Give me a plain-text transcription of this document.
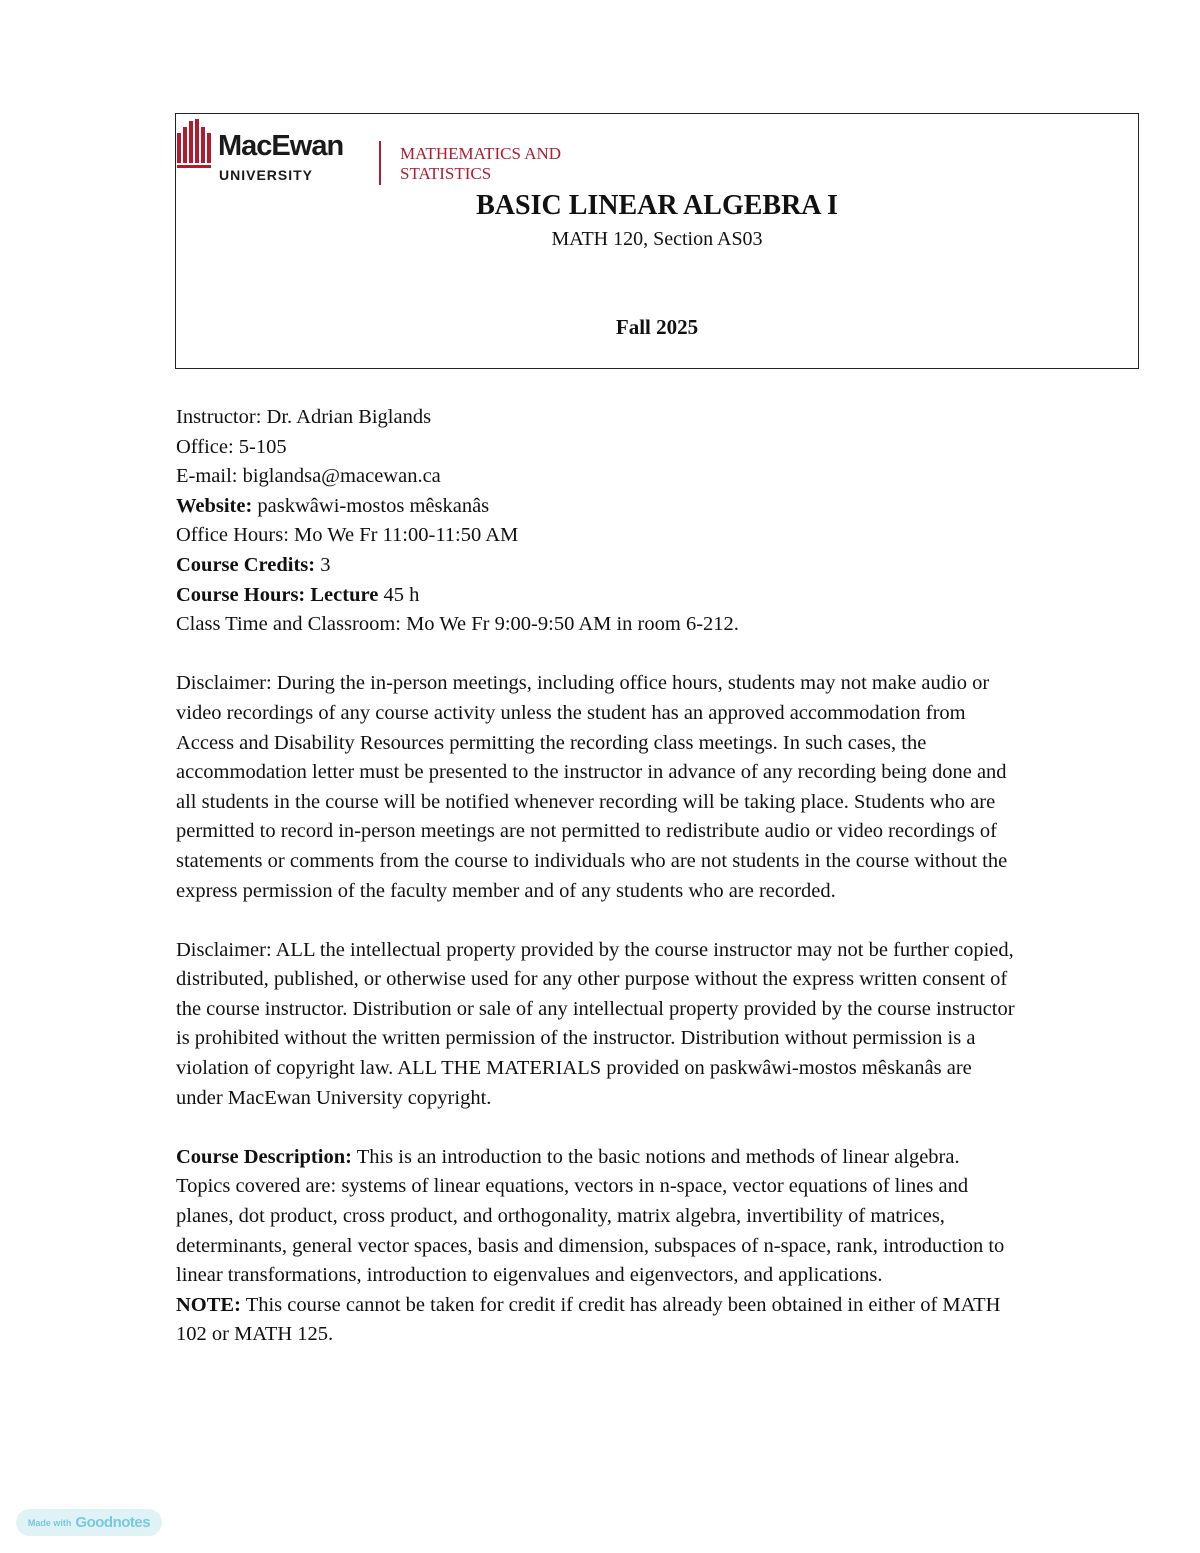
MacEwan
UNIVERSITY
MATHEMATICS AND
STATISTICS
BASIC LINEAR ALGEBRA I
MATH 120, Section AS03
Fall 2025
Instructor: Dr. Adrian Biglands
Office: 5-105
E-mail: biglandsa@macewan.ca
Website: paskwâwi-mostos mêskanâs
Office Hours: Mo We Fr 11:00-11:50 AM
Course Credits: 3
Course Hours: Lecture 45 h
Class Time and Classroom: Mo We Fr 9:00-9:50 AM in room 6-212.
Disclaimer: During the in-person meetings, including office hours, students may not make audio or
video recordings of any course activity unless the student has an approved accommodation from
Access and Disability Resources permitting the recording class meetings. In such cases, the
accommodation letter must be presented to the instructor in advance of any recording being done and
all students in the course will be notified whenever recording will be taking place. Students who are
permitted to record in-person meetings are not permitted to redistribute audio or video recordings of
statements or comments from the course to individuals who are not students in the course without the
express permission of the faculty member and of any students who are recorded.
Disclaimer: ALL the intellectual property provided by the course instructor may not be further copied,
distributed, published, or otherwise used for any other purpose without the express written consent of
the course instructor. Distribution or sale of any intellectual property provided by the course instructor
is prohibited without the written permission of the instructor. Distribution without permission is a
violation of copyright law. ALL THE MATERIALS provided on paskwâwi-mostos mêskanâs are
under MacEwan University copyright.
Course Description: This is an introduction to the basic notions and methods of linear algebra.
Topics covered are: systems of linear equations, vectors in n-space, vector equations of lines and
planes, dot product, cross product, and orthogonality, matrix algebra, invertibility of matrices,
determinants, general vector spaces, basis and dimension, subspaces of n-space, rank, introduction to
linear transformations, introduction to eigenvalues and eigenvectors, and applications.
NOTE: This course cannot be taken for credit if credit has already been obtained in either of MATH
102 or MATH 125.
Made with Goodnotes
